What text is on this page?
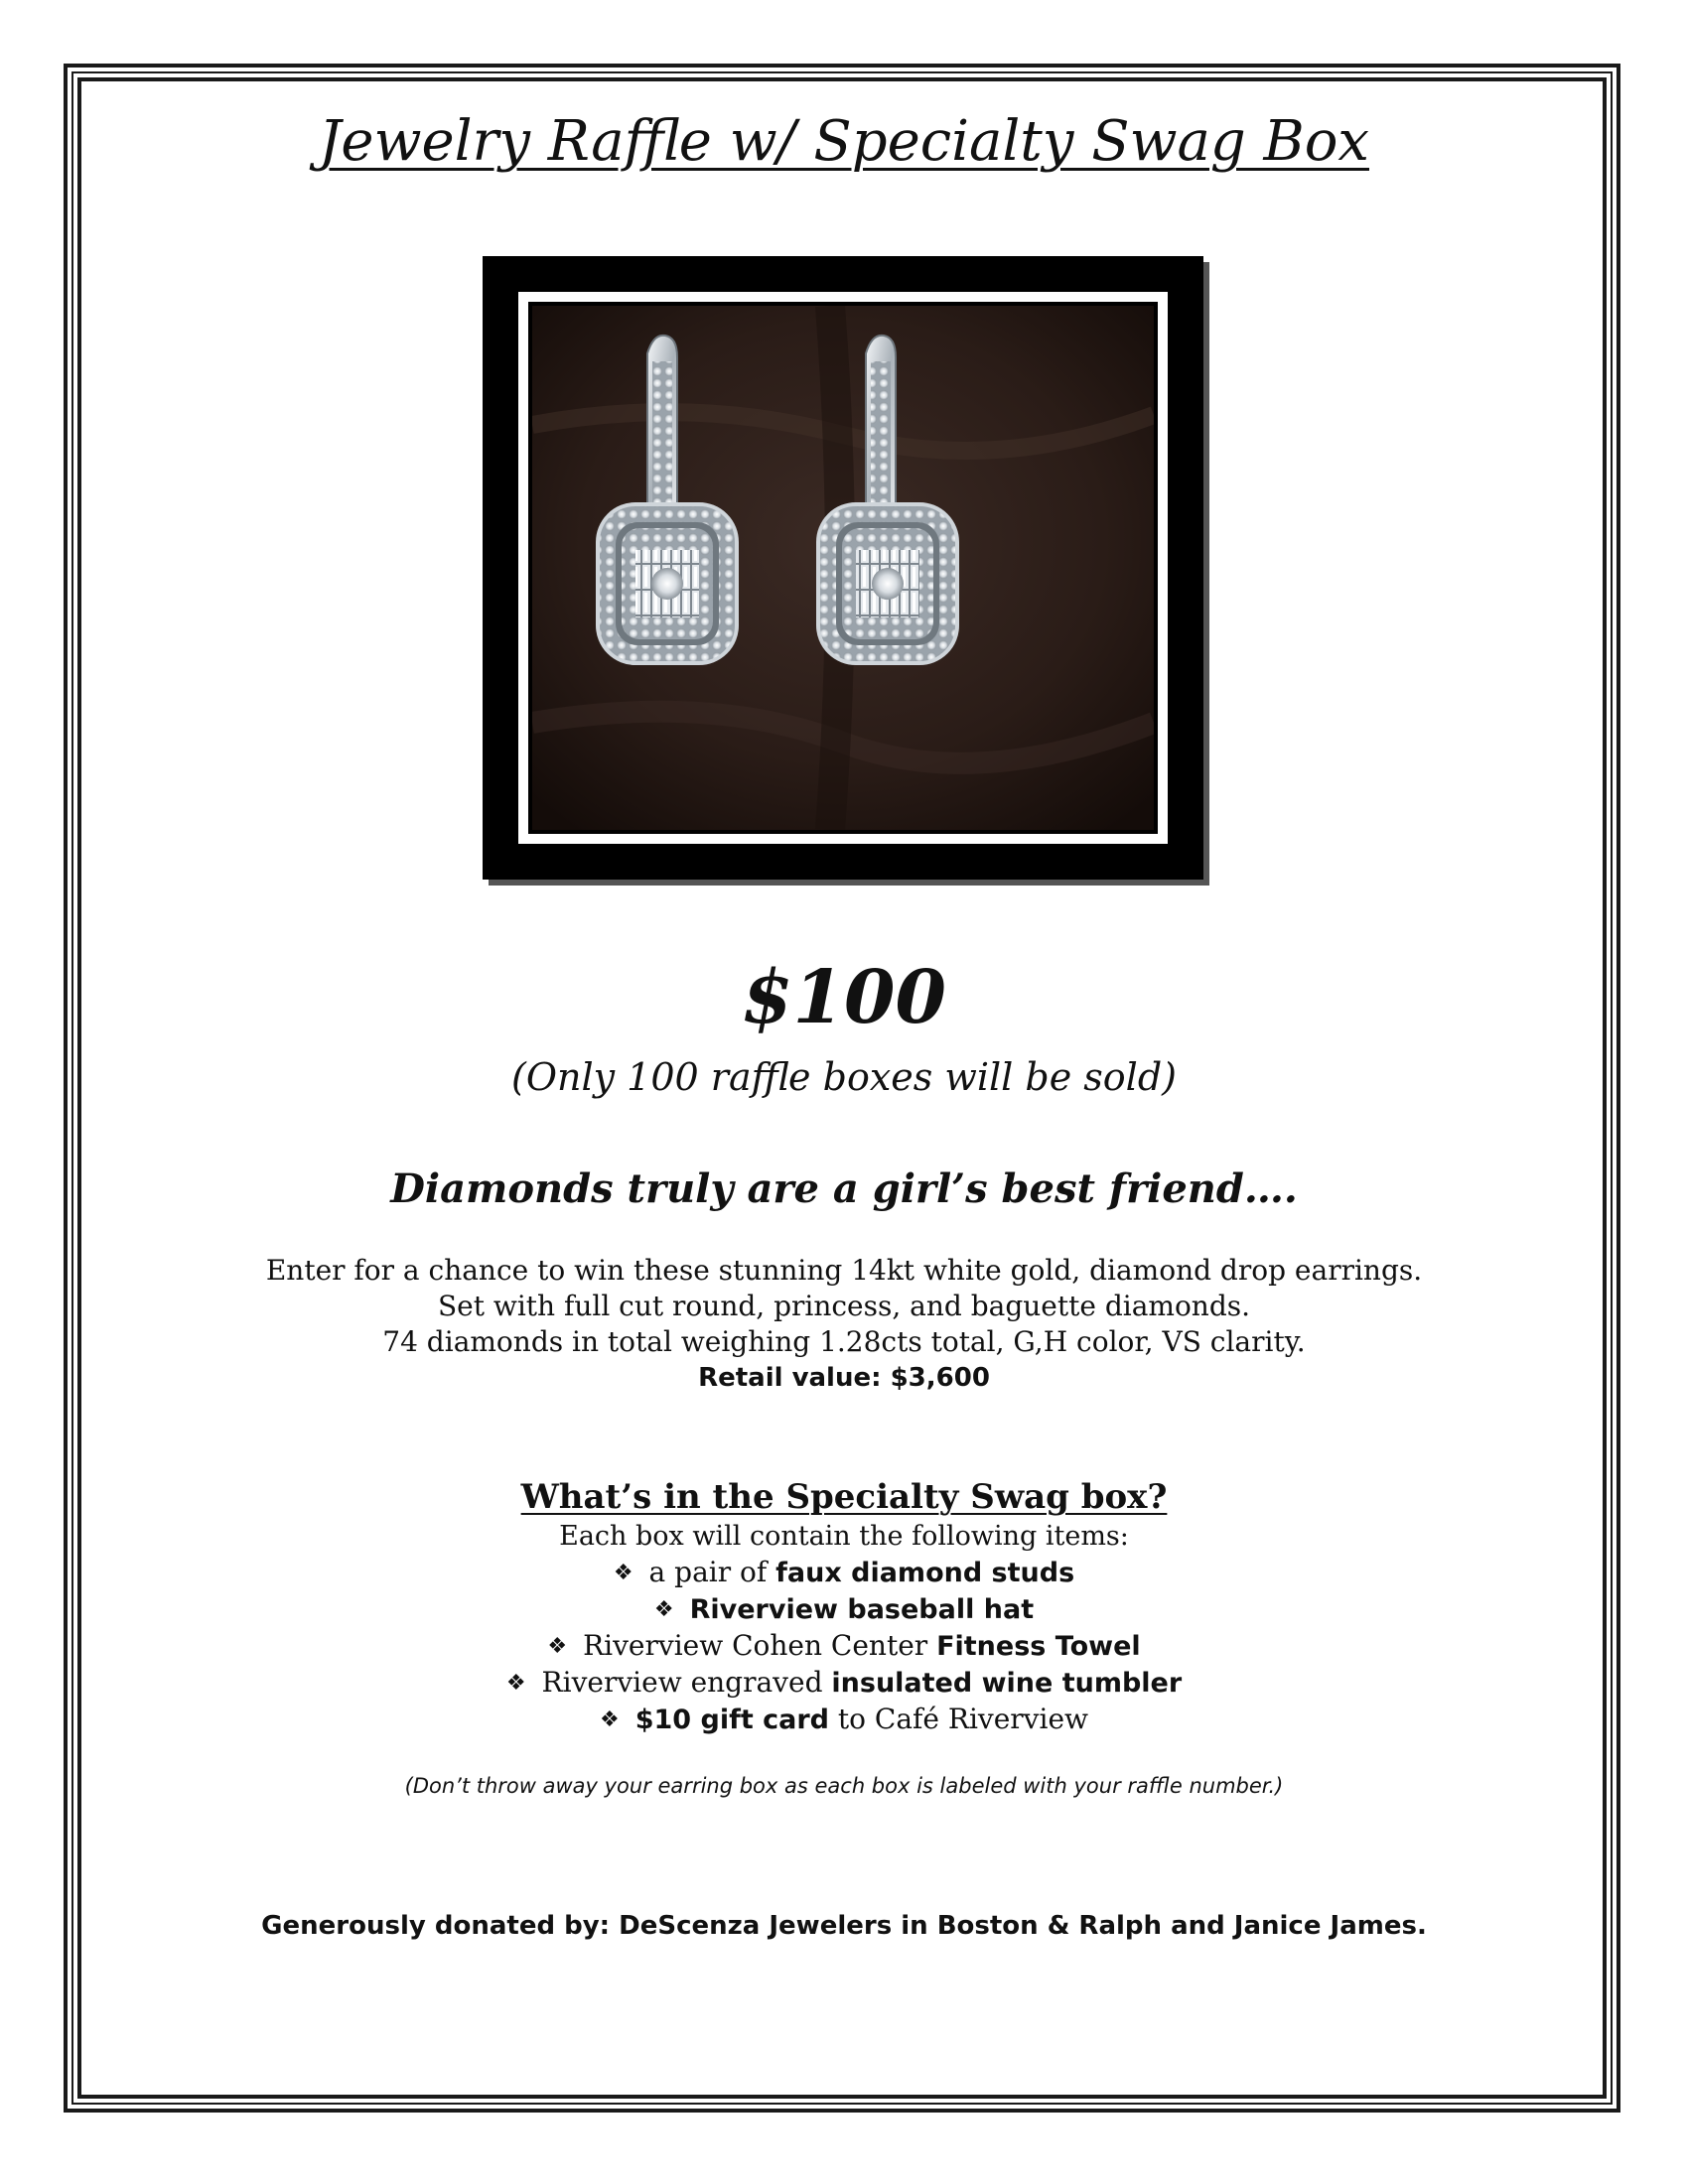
Jewelry Raffle w/ Specialty Swag Box
$100
(Only 100 raffle boxes will be sold)
Diamonds truly are a girl’s best friend….
Enter for a chance to win these stunning 14kt white gold, diamond drop earrings.
Set with full cut round, princess, and baguette diamonds.
74 diamonds in total weighing 1.28cts total, G,H color, VS clarity.
Retail value: $3,600
What’s in the Specialty Swag box?
Each box will contain the following items:
❖ a pair of faux diamond studs
❖ Riverview baseball hat
❖ Riverview Cohen Center Fitness Towel
❖ Riverview engraved insulated wine tumbler
❖ $10 gift card to Café Riverview
(Don’t throw away your earring box as each box is labeled with your raffle number.)
Generously donated by: DeScenza Jewelers in Boston & Ralph and Janice James.
